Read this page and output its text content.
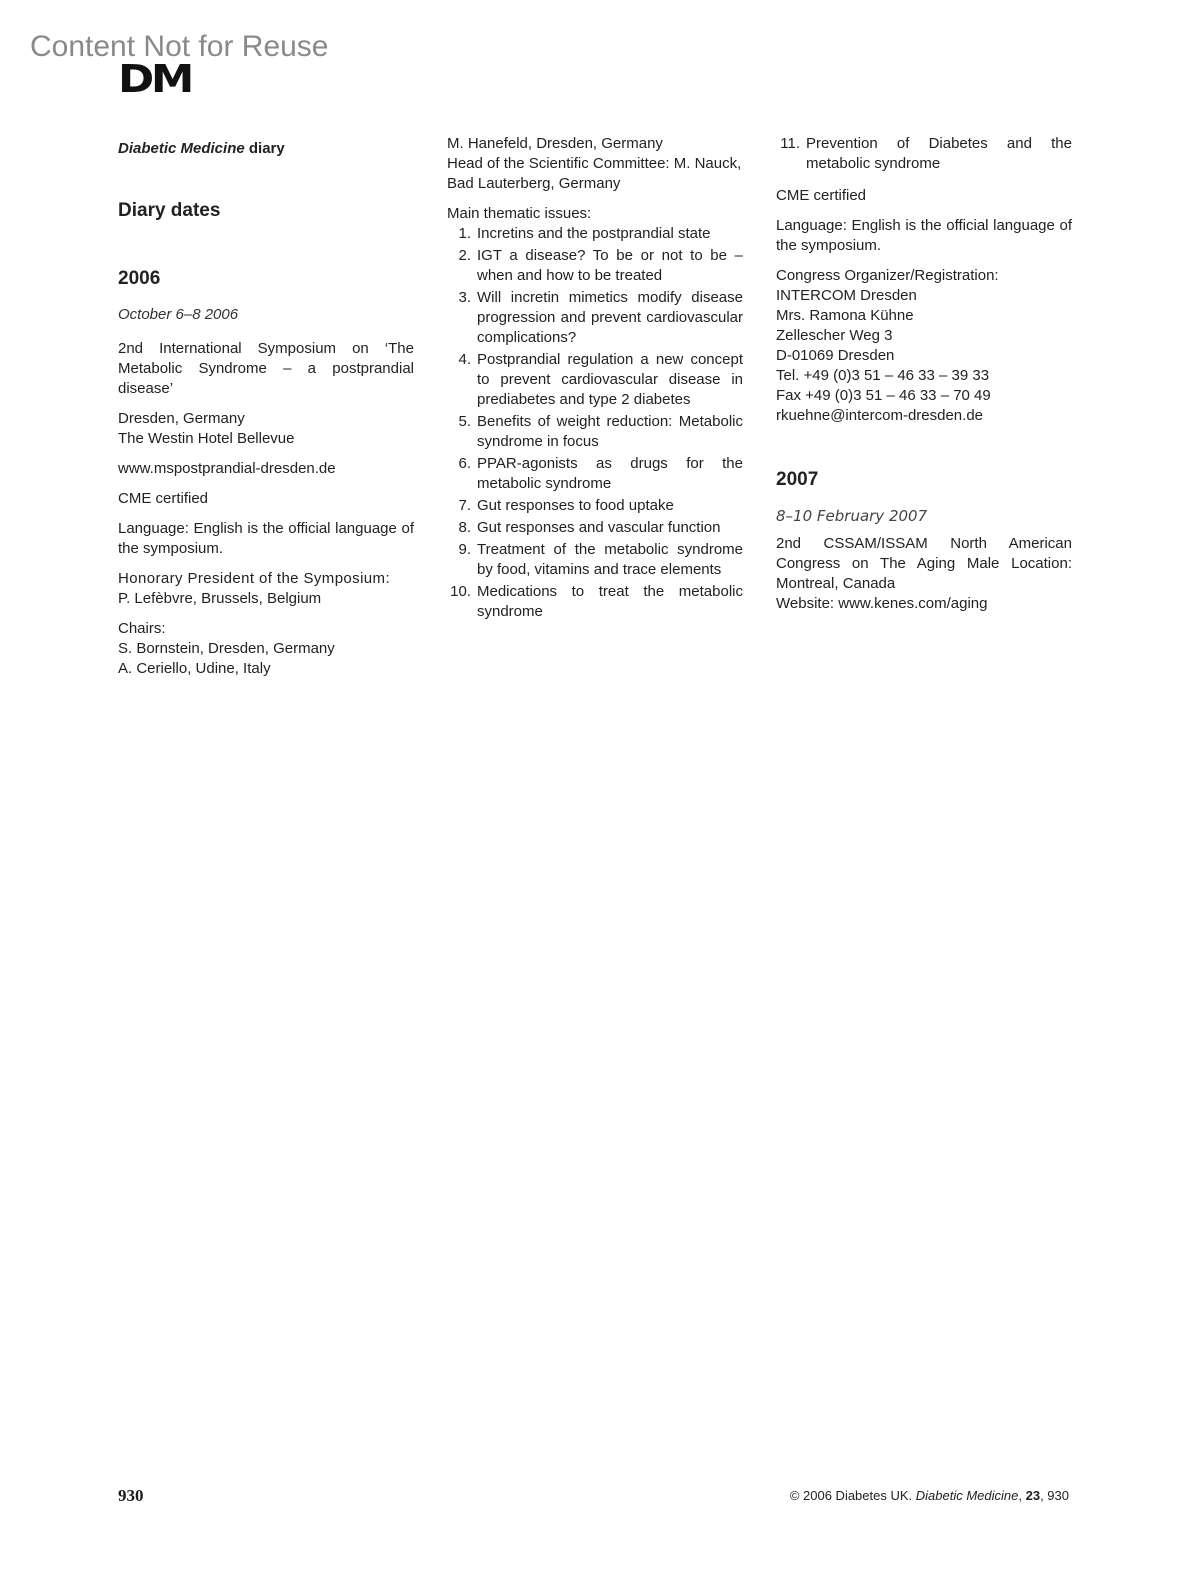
Content Not for Reuse
DM

Diabetic Medicine diary

Diary dates

2006

October 6–8 2006

2nd International Symposium on ‘The Metabolic Syndrome – a postprandial disease’

Dresden, Germany
The Westin Hotel Bellevue

www.mspostprandial-dresden.de

CME certified

Language: English is the official language of the symposium.

Honorary President of the Symposium:
P. Lefèbvre, Brussels, Belgium

Chairs:
S. Bornstein, Dresden, Germany
A. Ceriello, Udine, Italy

M. Hanefeld, Dresden, Germany
Head of the Scientific Committee: M. Nauck, Bad Lauterberg, Germany

Main thematic issues:

1. Incretins and the postprandial state
2. IGT a disease? To be or not to be – when and how to be treated
3. Will incretin mimetics modify disease progression and prevent cardiovascular complications?
4. Postprandial regulation a new concept to prevent cardiovascular disease in prediabetes and type 2 diabetes
5. Benefits of weight reduction: Metabolic syndrome in focus
6. PPAR-agonists as drugs for the metabolic syndrome
7. Gut responses to food uptake
8. Gut responses and vascular function
9. Treatment of the metabolic syndrome by food, vitamins and trace elements
10. Medications to treat the metabolic syndrome
11. Prevention of Diabetes and the metabolic syndrome

CME certified

Language: English is the official language of the symposium.

Congress Organizer/Registration:
INTERCOM Dresden
Mrs. Ramona Kühne
Zellescher Weg 3
D-01069 Dresden
Tel. +49 (0)3 51 – 46 33 – 39 33
Fax +49 (0)3 51 – 46 33 – 70 49
rkuehne@intercom-dresden.de

2007

8–10 February 2007

2nd CSSAM/ISSAM North American Congress on The Aging Male Location: Montreal, Canada
Website: www.kenes.com/aging

930	© 2006 Diabetes UK. Diabetic Medicine, 23, 930
